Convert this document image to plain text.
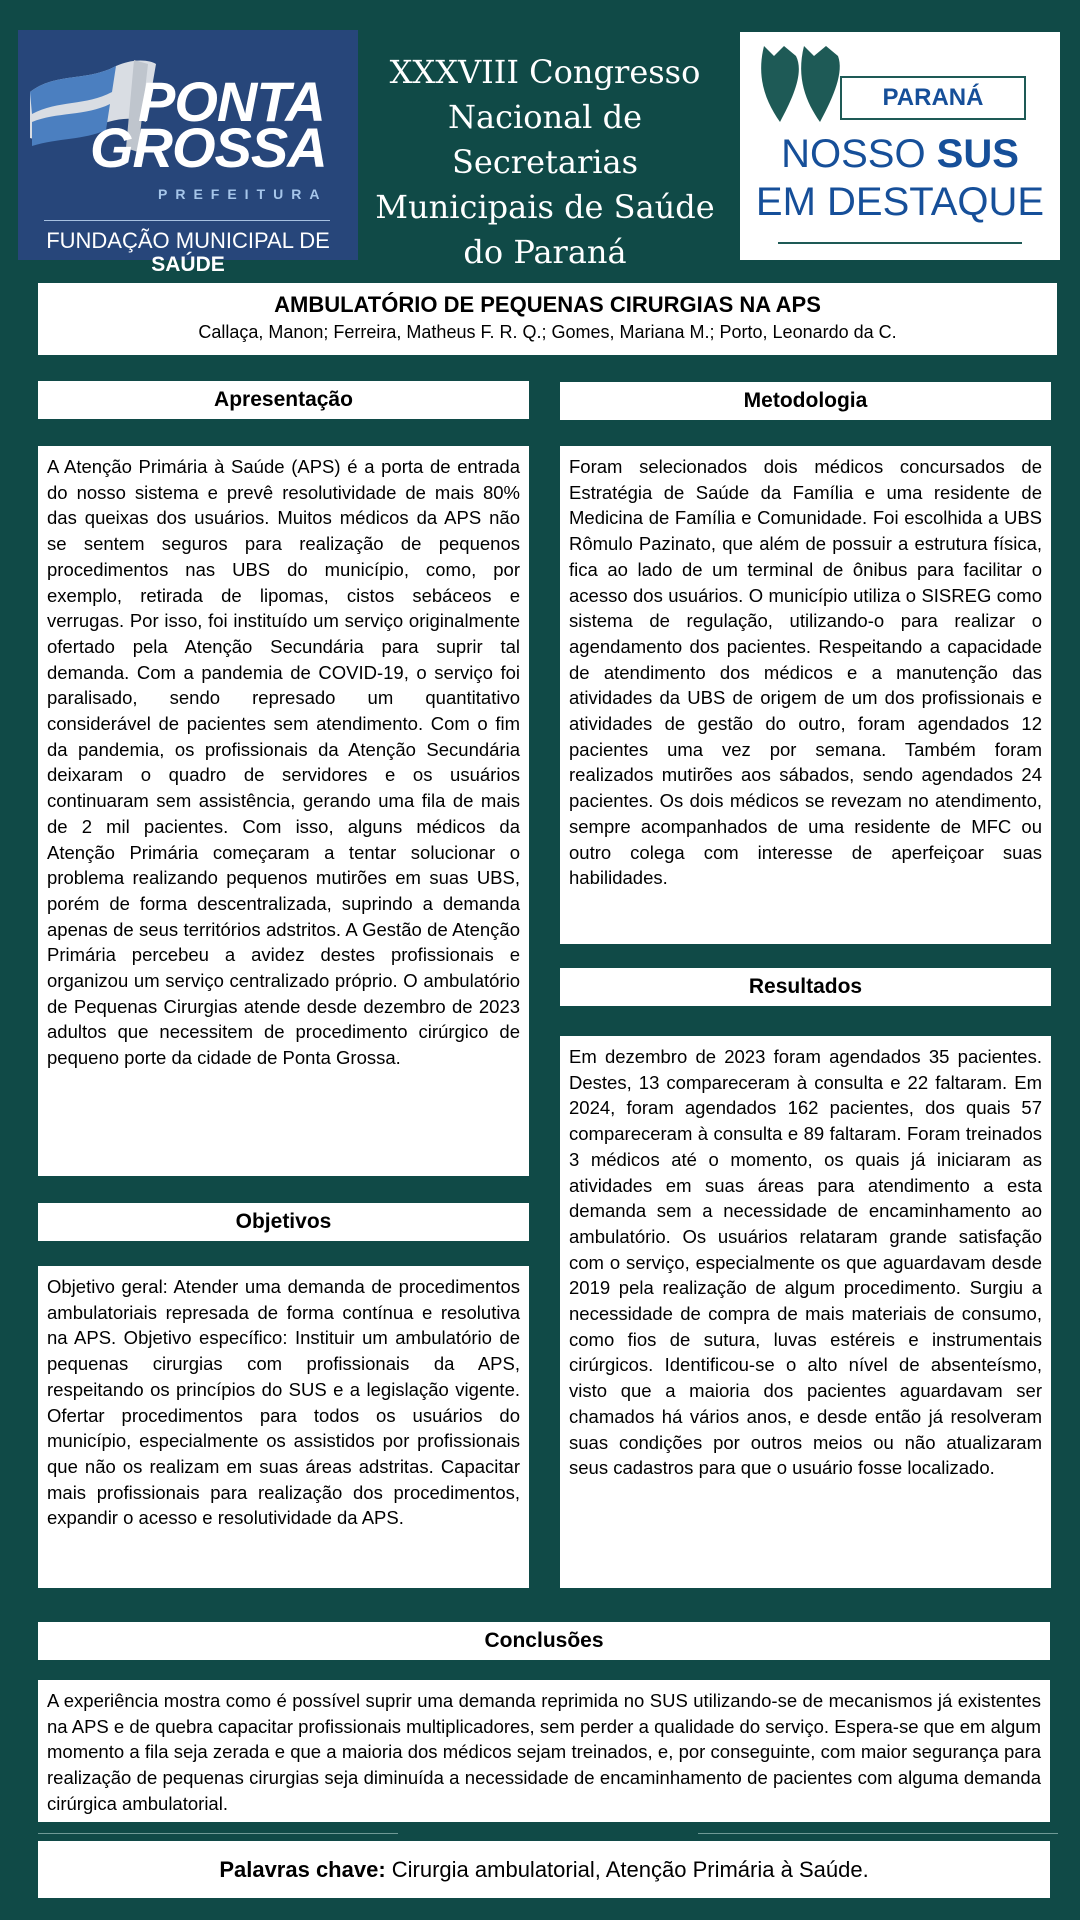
PONTA
GROSSA
PREFEITURA
FUNDAÇÃO MUNICIPAL DE
SAÚDE
XXXVIII Congresso Nacional de Secretarias Municipais de Saúde do Paraná
PARANÁ
NOSSO SUS
EM DESTAQUE
AMBULATÓRIO DE PEQUENAS CIRURGIAS NA APS
Callaça, Manon; Ferreira, Matheus F. R. Q.; Gomes, Mariana M.; Porto, Leonardo da C.
Apresentação
A Atenção Primária à Saúde (APS) é a porta de entrada do nosso sistema e prevê resolutividade de mais 80% das queixas dos usuários. Muitos médicos da APS não se sentem seguros para realização de pequenos procedimentos nas UBS do município, como, por exemplo, retirada de lipomas, cistos sebáceos e verrugas. Por isso, foi instituído um serviço originalmente ofertado pela Atenção Secundária para suprir tal demanda. Com a pandemia de COVID-19, o serviço foi paralisado, sendo represado um quantitativo considerável de pacientes sem atendimento. Com o fim da pandemia, os profissionais da Atenção Secundária deixaram o quadro de servidores e os usuários continuaram sem assistência, gerando uma fila de mais de 2 mil pacientes. Com isso, alguns médicos da Atenção Primária começaram a tentar solucionar o problema realizando pequenos mutirões em suas UBS, porém de forma descentralizada, suprindo a demanda apenas de seus territórios adstritos. A Gestão de Atenção Primária percebeu a avidez destes profissionais e organizou um serviço centralizado próprio. O ambulatório de Pequenas Cirurgias atende desde dezembro de 2023 adultos que necessitem de procedimento cirúrgico de pequeno porte da cidade de Ponta Grossa.
Objetivos
Objetivo geral: Atender uma demanda de procedimentos ambulatoriais represada de forma contínua e resolutiva na APS. Objetivo específico: Instituir um ambulatório de pequenas cirurgias com profissionais da APS, respeitando os princípios do SUS e a legislação vigente. Ofertar procedimentos para todos os usuários do município, especialmente os assistidos por profissionais que não os realizam em suas áreas adstritas. Capacitar mais profissionais para realização dos procedimentos, expandir o acesso e resolutividade da APS.
Metodologia
Foram selecionados dois médicos concursados de Estratégia de Saúde da Família e uma residente de Medicina de Família e Comunidade. Foi escolhida a UBS Rômulo Pazinato, que além de possuir a estrutura física, fica ao lado de um terminal de ônibus para facilitar o acesso dos usuários. O município utiliza o SISREG como sistema de regulação, utilizando-o para realizar o agendamento dos pacientes. Respeitando a capacidade de atendimento dos médicos e a manutenção das atividades da UBS de origem de um dos profissionais e atividades de gestão do outro, foram agendados 12 pacientes uma vez por semana. Também foram realizados mutirões aos sábados, sendo agendados 24 pacientes. Os dois médicos se revezam no atendimento, sempre acompanhados de uma residente de MFC ou outro colega com interesse de aperfeiçoar suas habilidades.
Resultados
Em dezembro de 2023 foram agendados 35 pacientes. Destes, 13 compareceram à consulta e 22 faltaram. Em 2024, foram agendados 162 pacientes, dos quais 57 compareceram à consulta e 89 faltaram. Foram treinados 3 médicos até o momento, os quais já iniciaram as atividades em suas áreas para atendimento a esta demanda sem a necessidade de encaminhamento ao ambulatório. Os usuários relataram grande satisfação com o serviço, especialmente os que aguardavam desde 2019 pela realização de algum procedimento. Surgiu a necessidade de compra de mais materiais de consumo, como fios de sutura, luvas estéreis e instrumentais cirúrgicos. Identificou-se o alto nível de absenteísmo, visto que a maioria dos pacientes aguardavam ser chamados há vários anos, e desde então já resolveram suas condições por outros meios ou não atualizaram seus cadastros para que o usuário fosse localizado.
Conclusões
A experiência mostra como é possível suprir uma demanda reprimida no SUS utilizando-se de mecanismos já existentes na APS e de quebra capacitar profissionais multiplicadores, sem perder a qualidade do serviço. Espera-se que em algum momento a fila seja zerada e que a maioria dos médicos sejam treinados, e, por conseguinte, com maior segurança para realização de pequenas cirurgias seja diminuída a necessidade de encaminhamento de pacientes com alguma demanda cirúrgica ambulatorial.
Palavras chave: Cirurgia ambulatorial, Atenção Primária à Saúde.
